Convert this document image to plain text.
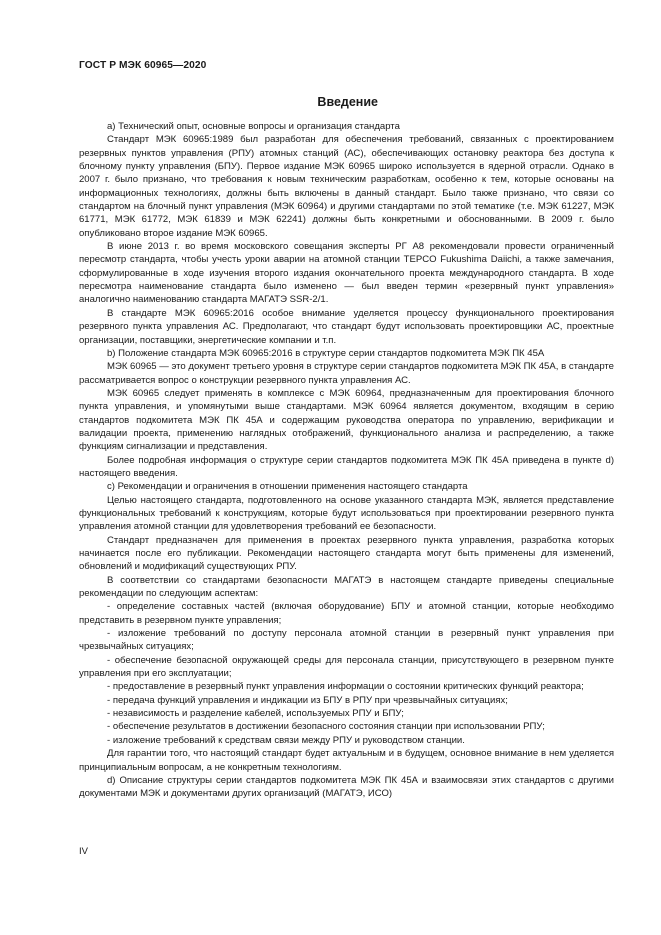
ГОСТ Р МЭК 60965—2020
Введение

а) Технический опыт, основные вопросы и организация стандарта

Стандарт МЭК 60965:1989 был разработан для обеспечения требований, связанных с проектированием резервных пунктов управления (РПУ) атомных станций (АС), обеспечивающих остановку реактора без доступа к блочному пункту управления (БПУ). Первое издание МЭК 60965 широко используется в ядерной отрасли. Однако в 2007 г. было признано, что требования к новым техническим разработкам, особенно к тем, которые основаны на информационных технологиях, должны быть включены в данный стандарт. Было также признано, что связи со стандартом на блочный пункт управления (МЭК 60964) и другими стандартами по этой тематике (т.е. МЭК 61227, МЭК 61771, МЭК 61772, МЭК 61839 и МЭК 62241) должны быть конкретными и обоснованными. В 2009 г. было опубликовано второе издание МЭК 60965.

В июне 2013 г. во время московского совещания эксперты РГ А8 рекомендовали провести ограниченный пересмотр стандарта, чтобы учесть уроки аварии на атомной станции TEPCO Fukushima Daiichi, а также замечания, сформулированные в ходе изучения второго издания окончательного проекта международного стандарта. В ходе пересмотра наименование стандарта было изменено — был введен термин «резервный пункт управления» аналогично наименованию стандарта МАГАТЭ SSR-2/1.

В стандарте МЭК 60965:2016 особое внимание уделяется процессу функционального проектирования резервного пункта управления АС. Предполагают, что стандарт будут использовать проектировщики АС, проектные организации, поставщики, энергетические компании и т.п.

b) Положение стандарта МЭК 60965:2016 в структуре серии стандартов подкомитета МЭК ПК 45А

МЭК 60965 — это документ третьего уровня в структуре серии стандартов подкомитета МЭК ПК 45А, в стандарте рассматривается вопрос о конструкции резервного пункта управления АС.

МЭК 60965 следует применять в комплексе с МЭК 60964, предназначенным для проектирования блочного пункта управления, и упомянутыми выше стандартами. МЭК 60964 является документом, входящим в серию стандартов подкомитета МЭК ПК 45А и содержащим руководства оператора по управлению, верификации и валидации проекта, применению наглядных отображений, функционального анализа и распределению, а также функциям сигнализации и представления.

Более подробная информация о структуре серии стандартов подкомитета МЭК ПК 45А приведена в пункте d) настоящего введения.

с) Рекомендации и ограничения в отношении применения настоящего стандарта

Целью настоящего стандарта, подготовленного на основе указанного стандарта МЭК, является представление функциональных требований к конструкциям, которые будут использоваться при проектировании резервного пункта управления атомной станции для удовлетворения требований ее безопасности.

Стандарт предназначен для применения в проектах резервного пункта управления, разработка которых начинается после его публикации. Рекомендации настоящего стандарта могут быть применены для изменений, обновлений и модификаций существующих РПУ.

В соответствии со стандартами безопасности МАГАТЭ в настоящем стандарте приведены специальные рекомендации по следующим аспектам:

- определение составных частей (включая оборудование) БПУ и атомной станции, которые необходимо представить в резервном пункте управления;

- изложение требований по доступу персонала атомной станции в резервный пункт управления при чрезвычайных ситуациях;

- обеспечение безопасной окружающей среды для персонала станции, присутствующего в резервном пункте управления при его эксплуатации;

- предоставление в резервный пункт управления информации о состоянии критических функций реактора;

- передача функций управления и индикации из БПУ в РПУ при чрезвычайных ситуациях;

- независимость и разделение кабелей, используемых РПУ и БПУ;

- обеспечение результатов в достижении безопасного состояния станции при использовании РПУ;

- изложение требований к средствам связи между РПУ и руководством станции.

Для гарантии того, что настоящий стандарт будет актуальным и в будущем, основное внимание в нем уделяется принципиальным вопросам, а не конкретным технологиям.

d) Описание структуры серии стандартов подкомитета МЭК ПК 45А и взаимосвязи этих стандартов с другими документами МЭК и документами других организаций (МАГАТЭ, ИСО)

IV
